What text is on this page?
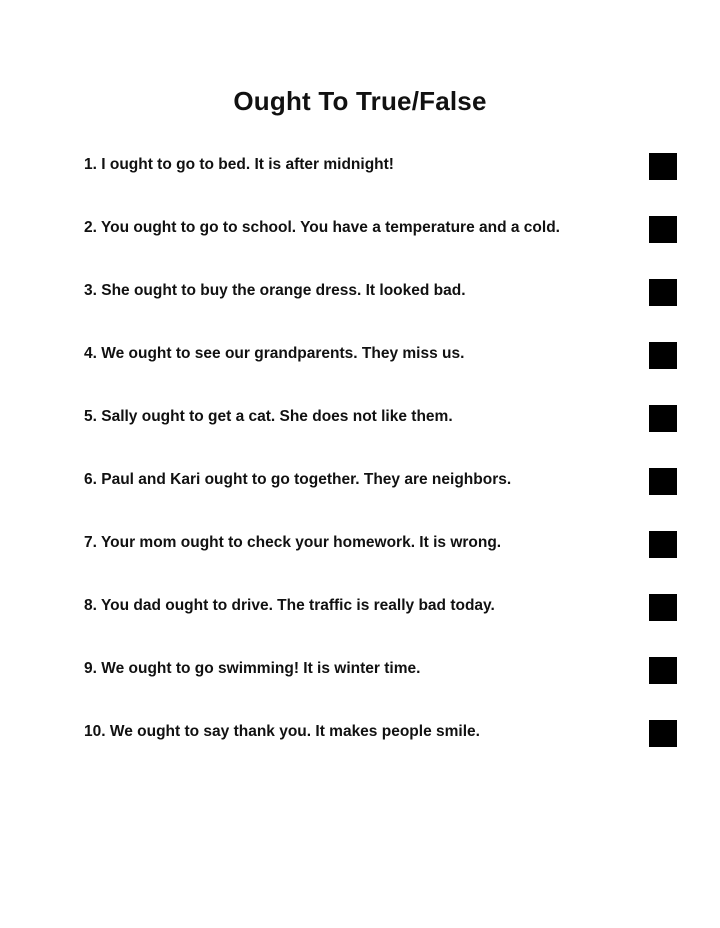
Ought To True/False
1. I ought to go to bed. It is after midnight!
2. You ought to go to school. You have a temperature and a cold.
3. She ought to buy the orange dress. It looked bad.
4. We ought to see our grandparents. They miss us.
5. Sally ought to get a cat. She does not like them.
6. Paul and Kari ought to go together. They are neighbors.
7. Your mom ought to check your homework. It is wrong.
8. You dad ought to drive. The traffic is really bad today.
9. We ought to go swimming! It is winter time.
10. We ought to say thank you. It makes people smile.
